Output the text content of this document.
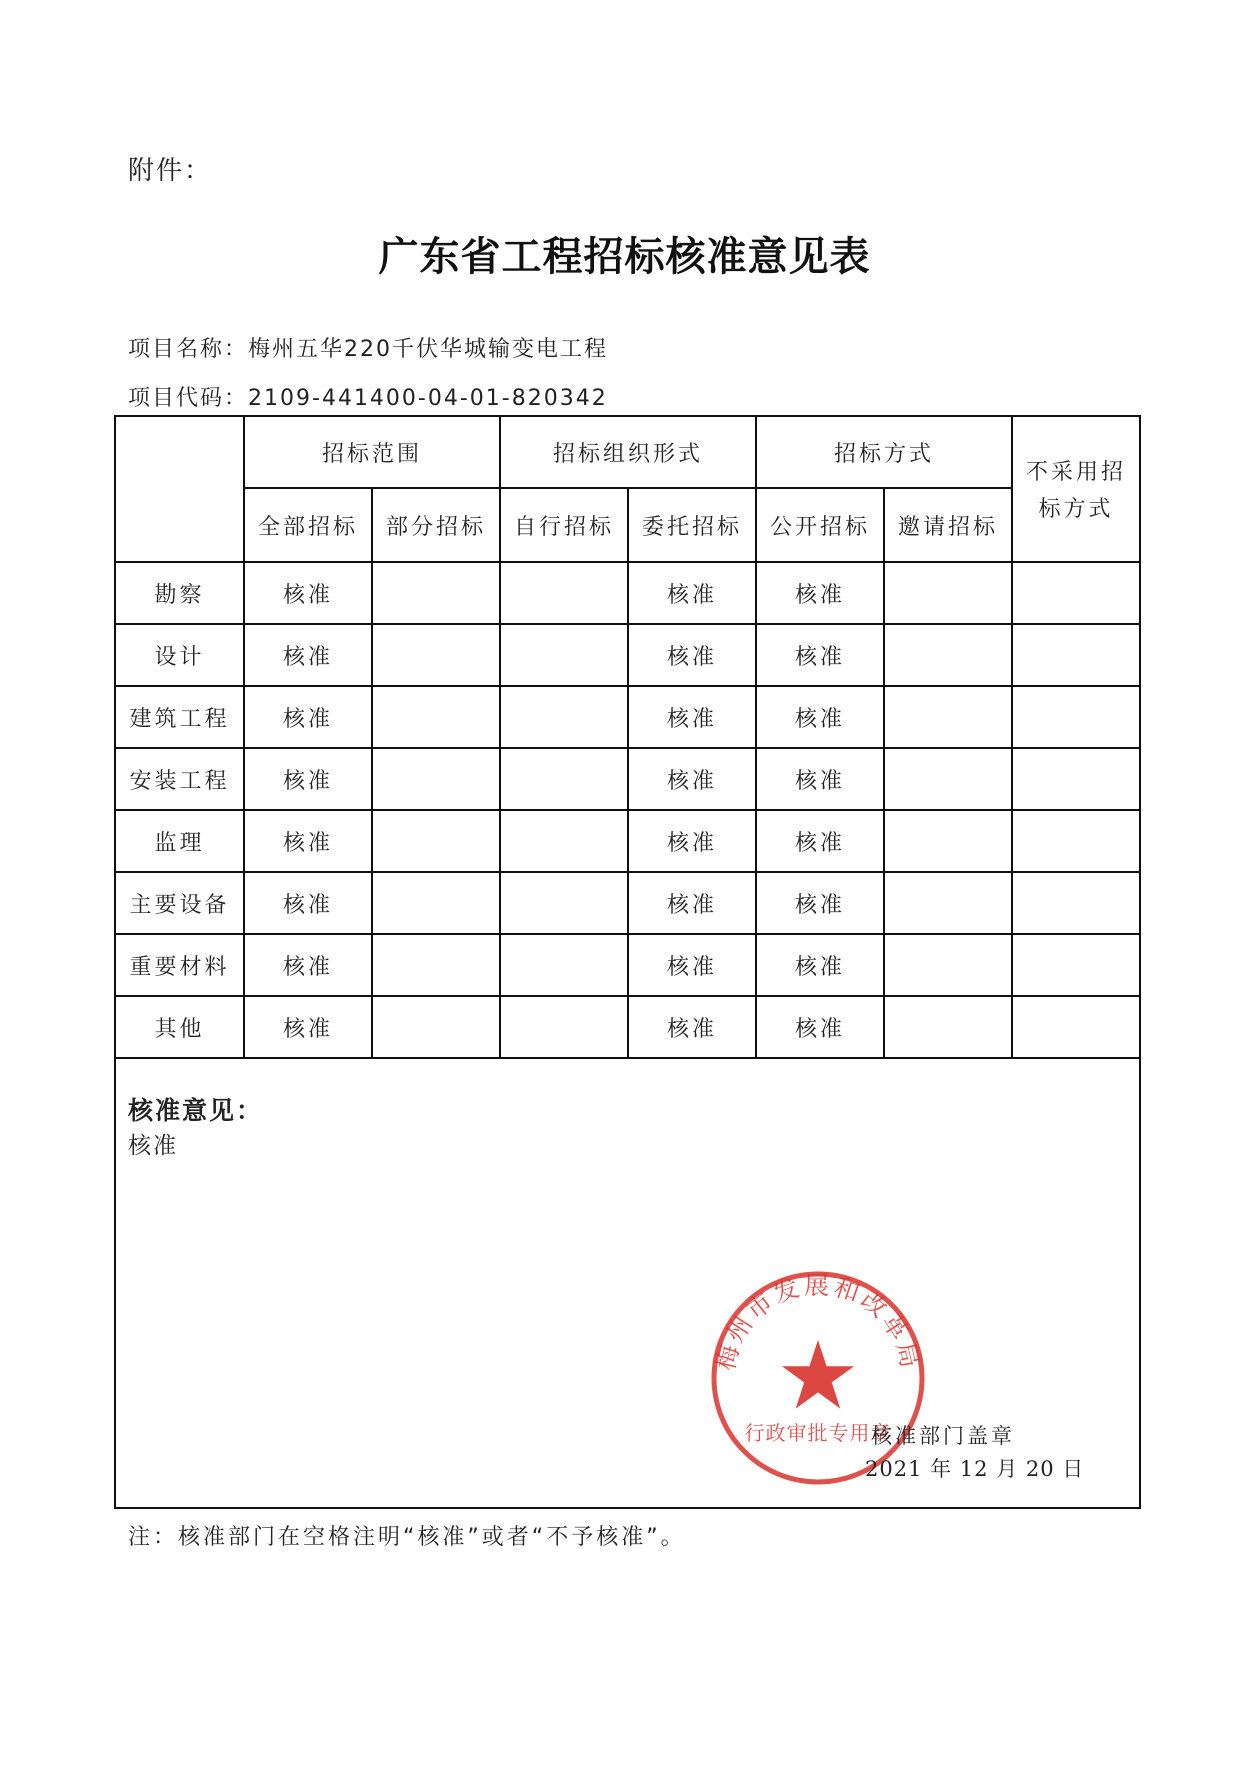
附件：
广东省工程招标核准意见表
项目名称：梅州五华220千伏华城输变电工程
项目代码：2109-441400-04-01-820342
	招标范围		招标组织形式		招标方式		不采用招
标方式

	全部招标	部分招标	自行招标	委托招标	公开招标	邀请招标	
勘察	核准			核准	核准		
设计	核准			核准	核准		
建筑工程	核准			核准	核准		
安装工程	核准			核准	核准		
监理	核准			核准	核准		
主要设备	核准			核准	核准		
重要材料	核准			核准	核准		
其他	核准			核准	核准		

核准意见：
核准
核准部门盖章
2021 年 12 月 20 日							
梅州市发展和改革局
行政审批专用章
注：核准部门在空格注明“核准”或者“不予核准”。
